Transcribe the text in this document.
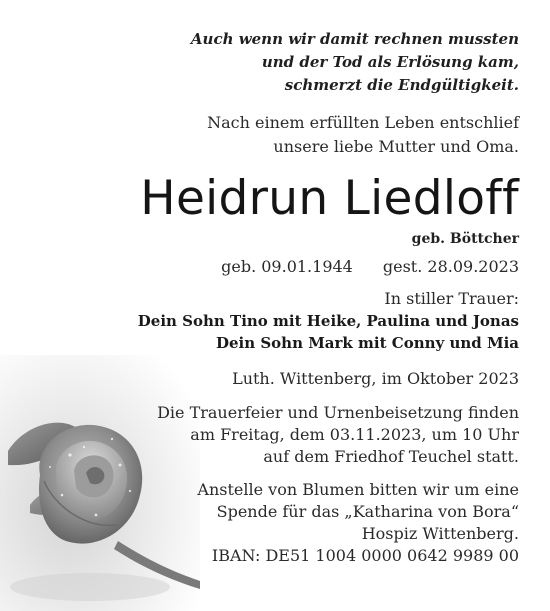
Auch wenn wir damit rechnen mussten
und der Tod als Erlösung kam,
schmerzt die Endgültigkeit.
Nach einem erfüllten Leben entschlief
unsere liebe Mutter und Oma.
Heidrun Liedloff
geb. Böttcher
geb. 09.01.1944 gest. 28.09.2023
In stiller Trauer:
Dein Sohn Tino mit Heike, Paulina und Jonas
Dein Sohn Mark mit Conny und Mia
Luth. Wittenberg, im Oktober 2023
Die Trauerfeier und Urnenbeisetzung finden
am Freitag, dem 03.11.2023, um 10 Uhr
auf dem Friedhof Teuchel statt.
Anstelle von Blumen bitten wir um eine
Spende für das „Katharina von Bora“
Hospiz Wittenberg.
IBAN: DE51 1004 0000 0642 9989 00
